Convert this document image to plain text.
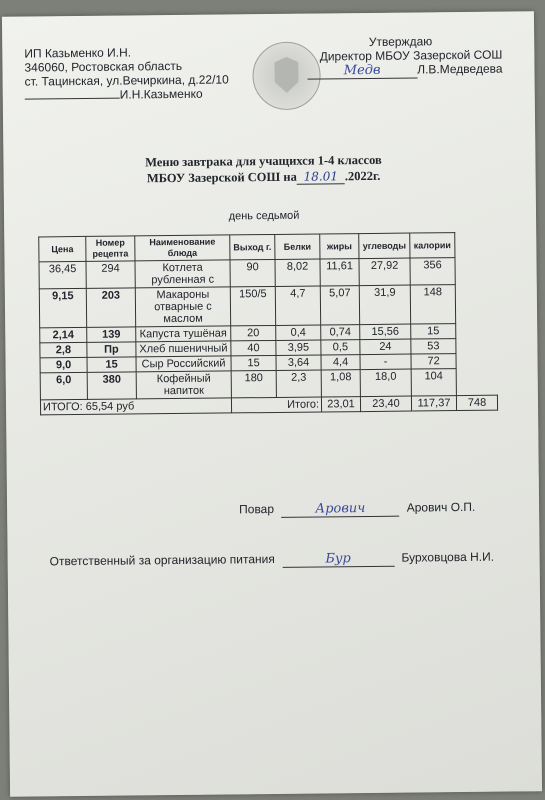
ИП Казьменко И.Н.
346060, Ростовская область
ст. Тацинская, ул.Вечиркина, д.22/10
И.Н.Казьменко
Утверждаю
Директор МБОУ Зазерской СОШ
Медв	Л.В.Медведева
Меню завтрака для учащихся 1-4 классов
МБОУ Зазерской СОШ на 18.01 .2022г.
день седьмой
Цена	Номер рецепта	Наименование блюда	Выход г.	Белки	жиры	углеводы	калории	
36,45	294	Котлета рубленная с	90	8,02	11,61	27,92	356	
9,15	203	Макароны отварные с маслом	150/5	4,7	5,07	31,9	148	
2,14	139	Капуста тушёная	20	0,4	0,74	15,56	15	
2,8	Пр	Хлеб пшеничный	40	3,95	0,5	24	53	
9,0	15	Сыр Российский	15	3,64	4,4	-	72	
6,0	380	Кофейный напиток	180	2,3	1,08	18,0	104	
ИТОГО: 65,54 руб			Итого:		23,01	23,40	117,37	748
Повар	Арович	Арович О.П.
Ответственный за организацию питания	Бур	Бурховцова Н.И.
